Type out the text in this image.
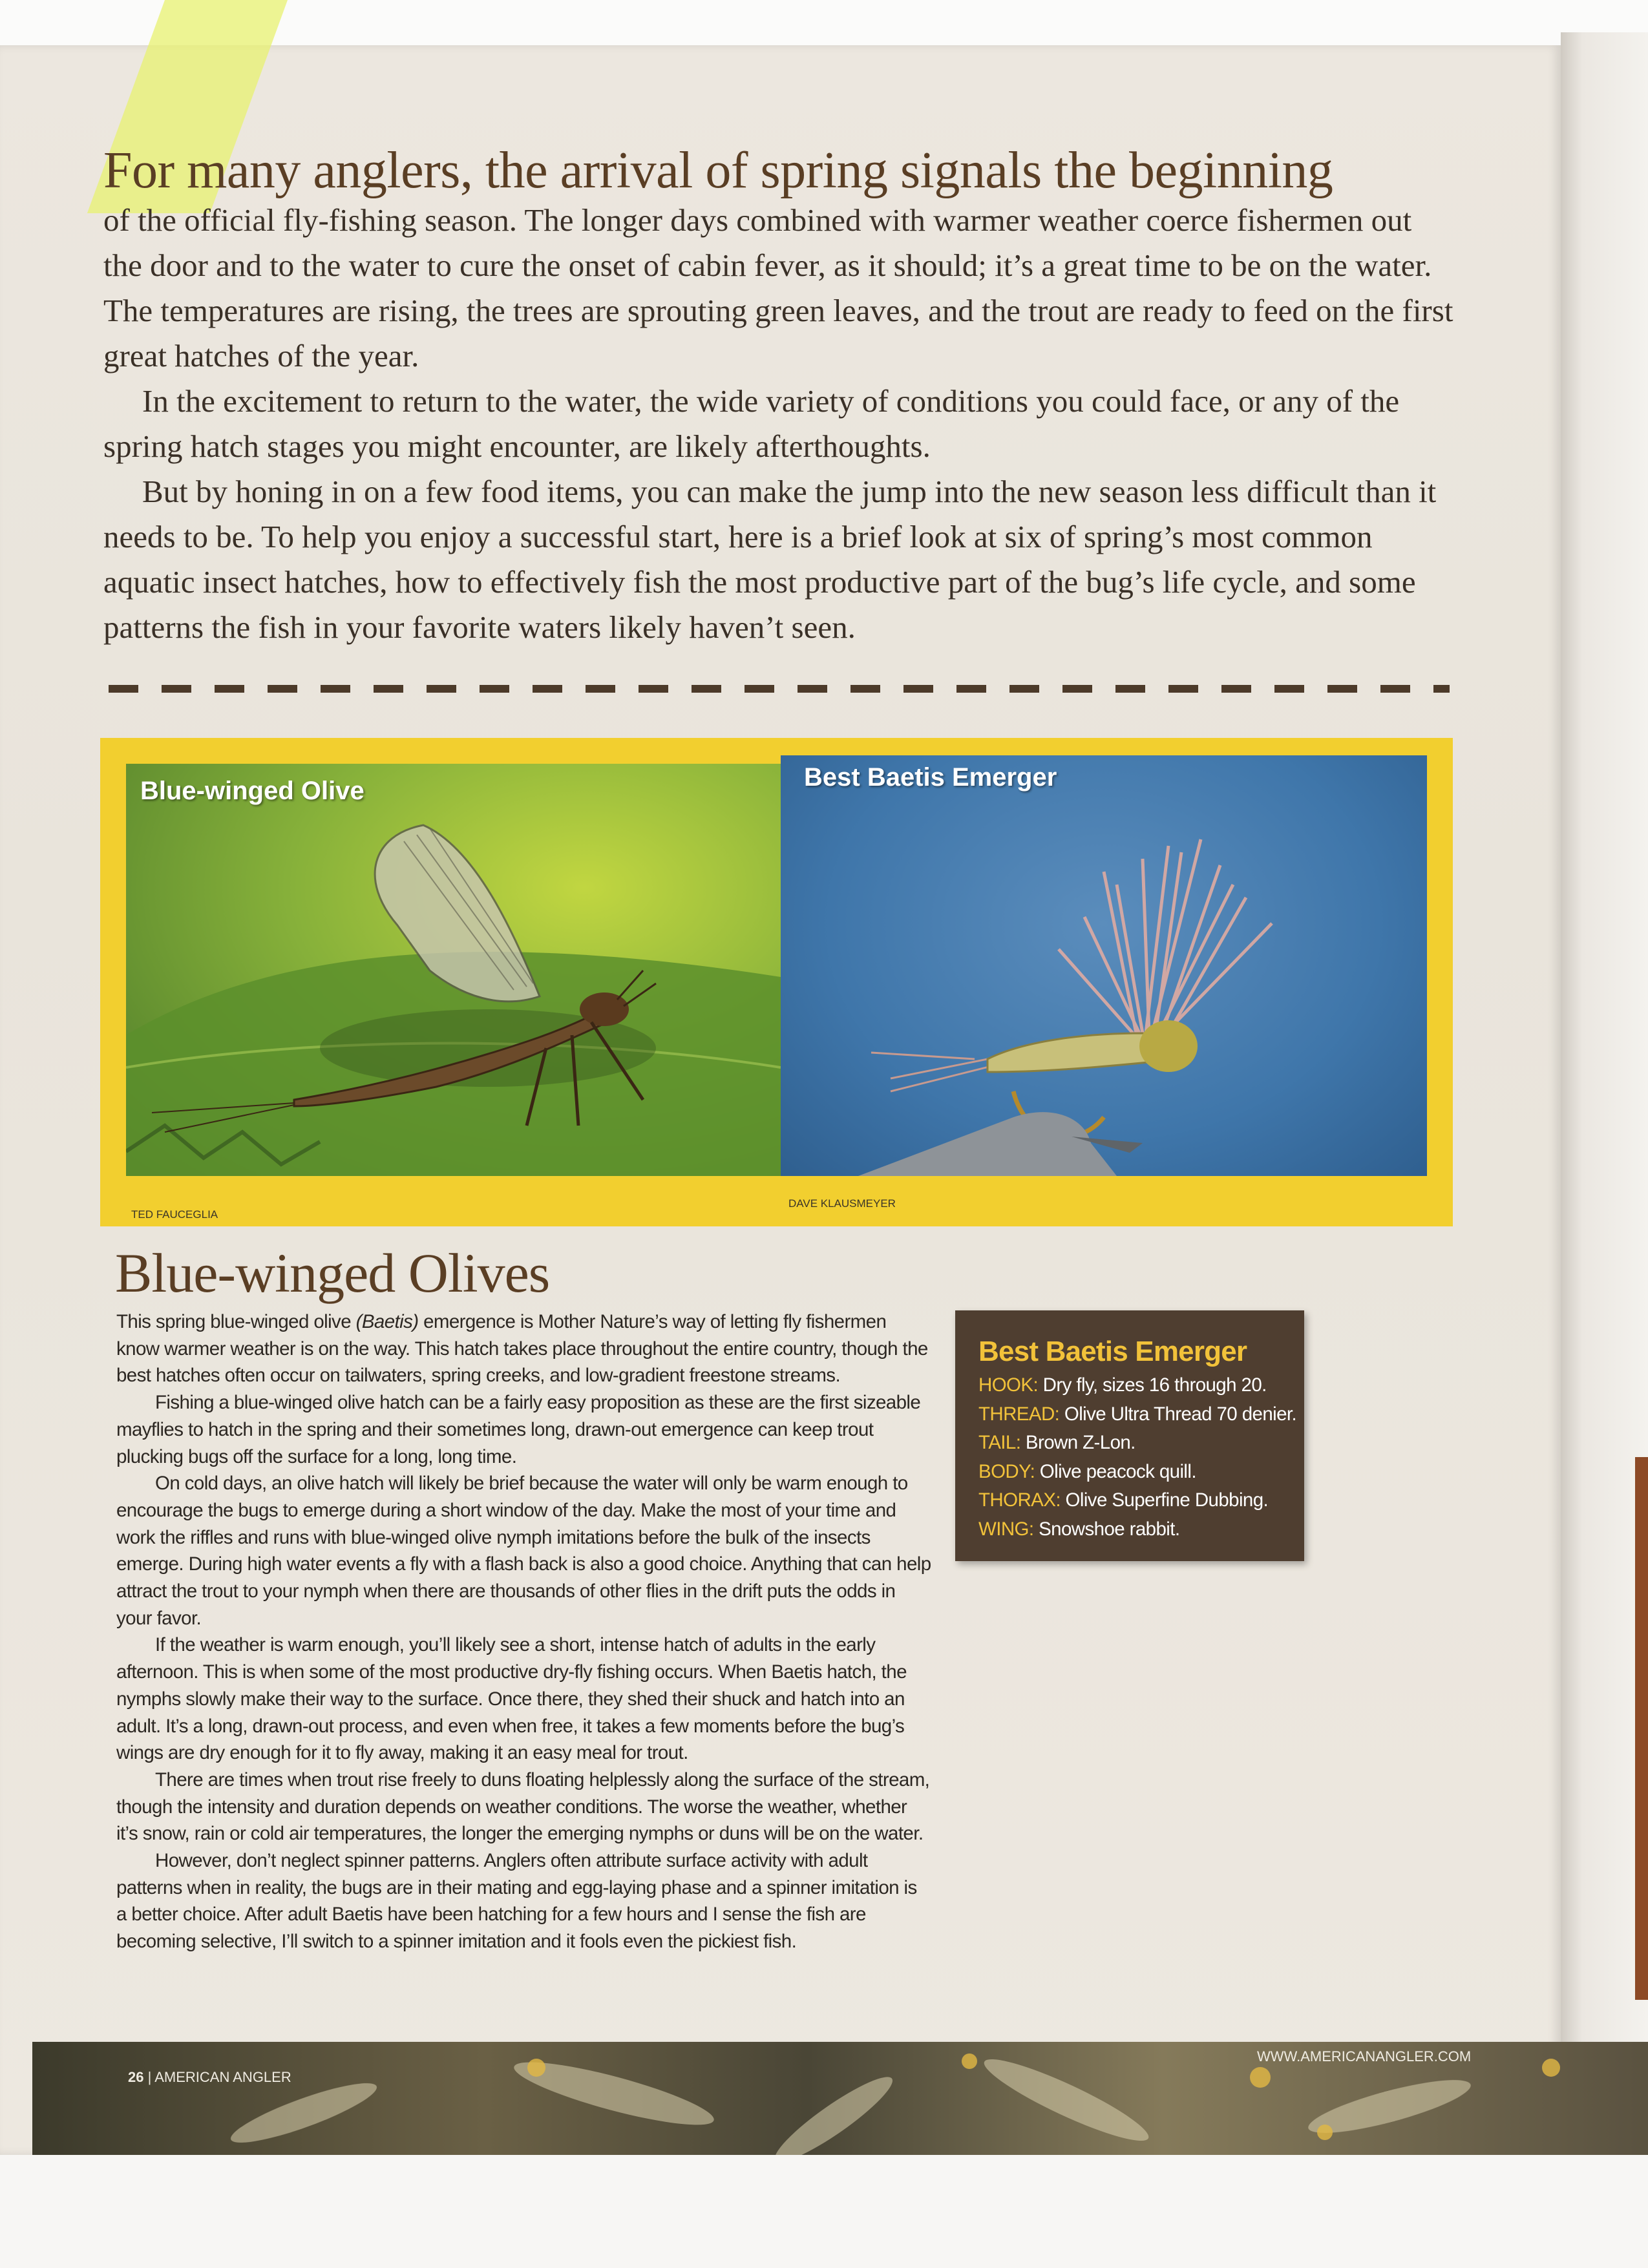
For many anglers, the arrival of spring signals the beginning
of the official fly-fishing season. The longer days combined with warmer weather coerce fishermen out the door and to the water to cure the onset of cabin fever, as it should; it’s a great time to be on the water. The temperatures are rising, the trees are sprouting green leaves, and the trout are ready to feed on the first great hatches of the year.

In the excitement to return to the water, the wide variety of conditions you could face, or any of the spring hatch stages you might encounter, are likely afterthoughts.

But by honing in on a few food items, you can make the jump into the new season less difficult than it needs to be. To help you enjoy a successful start, here is a brief look at six of spring’s most common aquatic insect hatches, how to effectively fish the most productive part of the bug’s life cycle, and some patterns the fish in your favorite waters likely haven’t seen.

Blue-winged Olive	Best Baetis Emerger
TED FAUCEGLIA
DAVE KLAUSMEYER
Blue-winged Olives

This spring blue-winged olive (Baetis) emergence is Mother Nature’s way of letting fly fishermen know warmer weather is on the way. This hatch takes place throughout the entire country, though the best hatches often occur on tailwaters, spring creeks, and low-gradient freestone streams.

Fishing a blue-winged olive hatch can be a fairly easy proposition as these are the first sizeable mayflies to hatch in the spring and their sometimes long, drawn-out emergence can keep trout plucking bugs off the surface for a long, long time.

On cold days, an olive hatch will likely be brief because the water will only be warm enough to encourage the bugs to emerge during a short window of the day. Make the most of your time and work the riffles and runs with blue-winged olive nymph imitations before the bulk of the insects emerge. During high water events a fly with a flash back is also a good choice. Anything that can help attract the trout to your nymph when there are thousands of other flies in the drift puts the odds in your favor.

If the weather is warm enough, you’ll likely see a short, intense hatch of adults in the early afternoon. This is when some of the most productive dry-fly fishing occurs. When Baetis hatch, the nymphs slowly make their way to the surface. Once there, they shed their shuck and hatch into an adult. It’s a long, drawn-out process, and even when free, it takes a few moments before the bug’s wings are dry enough for it to fly away, making it an easy meal for trout.

There are times when trout rise freely to duns floating helplessly along the surface of the stream, though the intensity and duration depends on weather conditions. The worse the weather, whether it’s snow, rain or cold air temperatures, the longer the emerging nymphs or duns will be on the water.

However, don’t neglect spinner patterns. Anglers often attribute surface activity with adult patterns when in reality, the bugs are in their mating and egg-laying phase and a spinner imitation is a better choice. After adult Baetis have been hatching for a few hours and I sense the fish are becoming selective, I’ll switch to a spinner imitation and it fools even the pickiest fish.

Best Baetis Emerger
HOOK: Dry fly, sizes 16 through 20.
THREAD: Olive Ultra Thread 70 denier.
TAIL: Brown Z-Lon.
BODY: Olive peacock quill.
THORAX: Olive Superfine Dubbing.
WING: Snowshoe rabbit.
26 | AMERICAN ANGLER
WWW.AMERICANANGLER.COM
